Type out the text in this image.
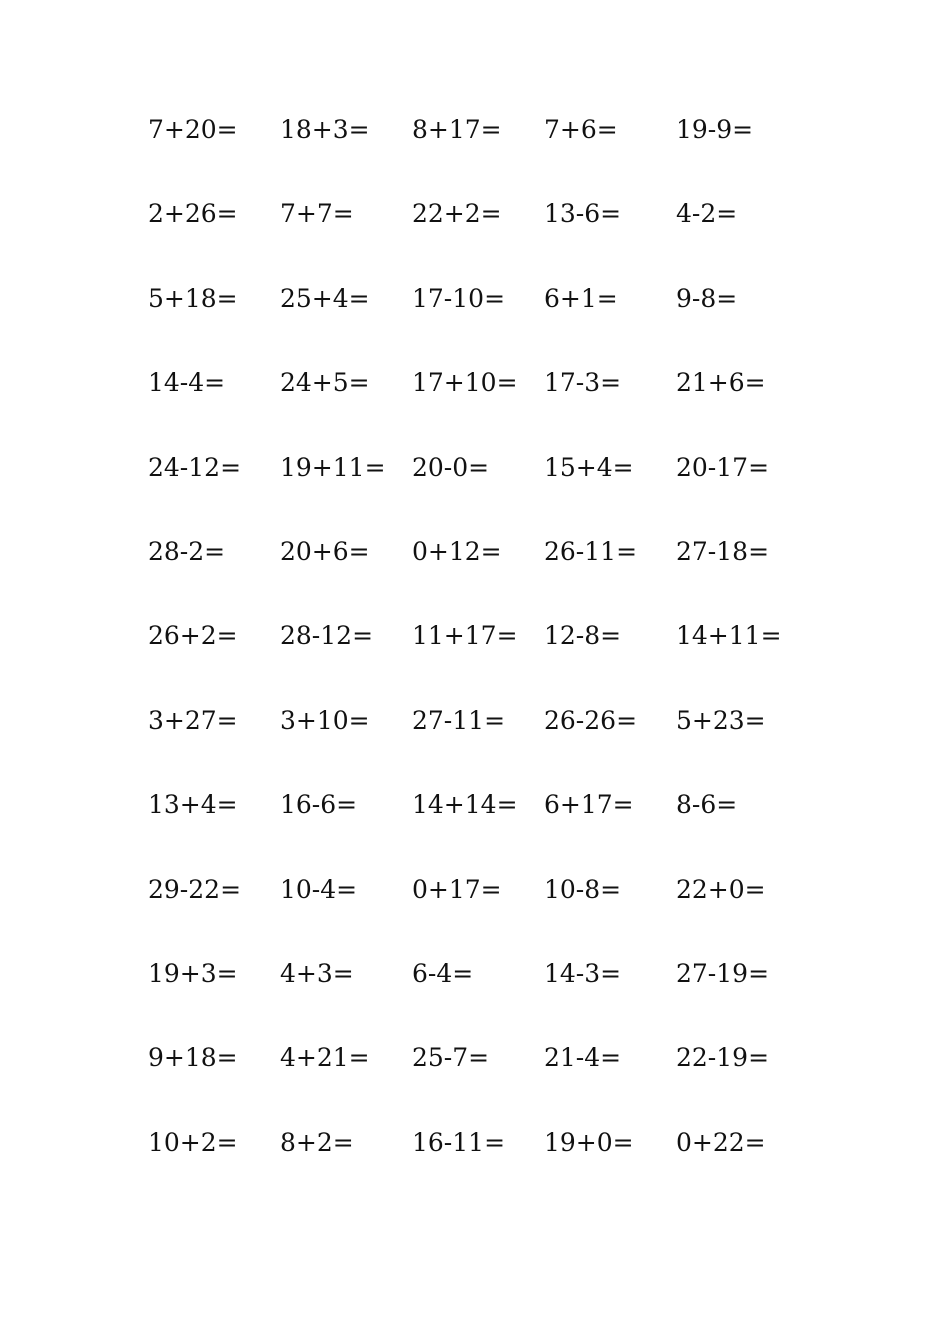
7+20=	18+3=	8+17=	7+6=	19-9=
2+26=	7+7=	22+2=	13-6=	4-2=
5+18=	25+4=	17-10=	6+1=	9-8=
14-4=	24+5=	17+10=	17-3=	21+6=
24-12=	19+11=	20-0=	15+4=	20-17=
28-2=	20+6=	0+12=	26-11=	27-18=
26+2=	28-12=	11+17=	12-8=	14+11=
3+27=	3+10=	27-11=	26-26=	5+23=
13+4=	16-6=	14+14=	6+17=	8-6=
29-22=	10-4=	0+17=	10-8=	22+0=
19+3=	4+3=	6-4=	14-3=	27-19=
9+18=	4+21=	25-7=	21-4=	22-19=
10+2=	8+2=	16-11=	19+0=	0+22=
